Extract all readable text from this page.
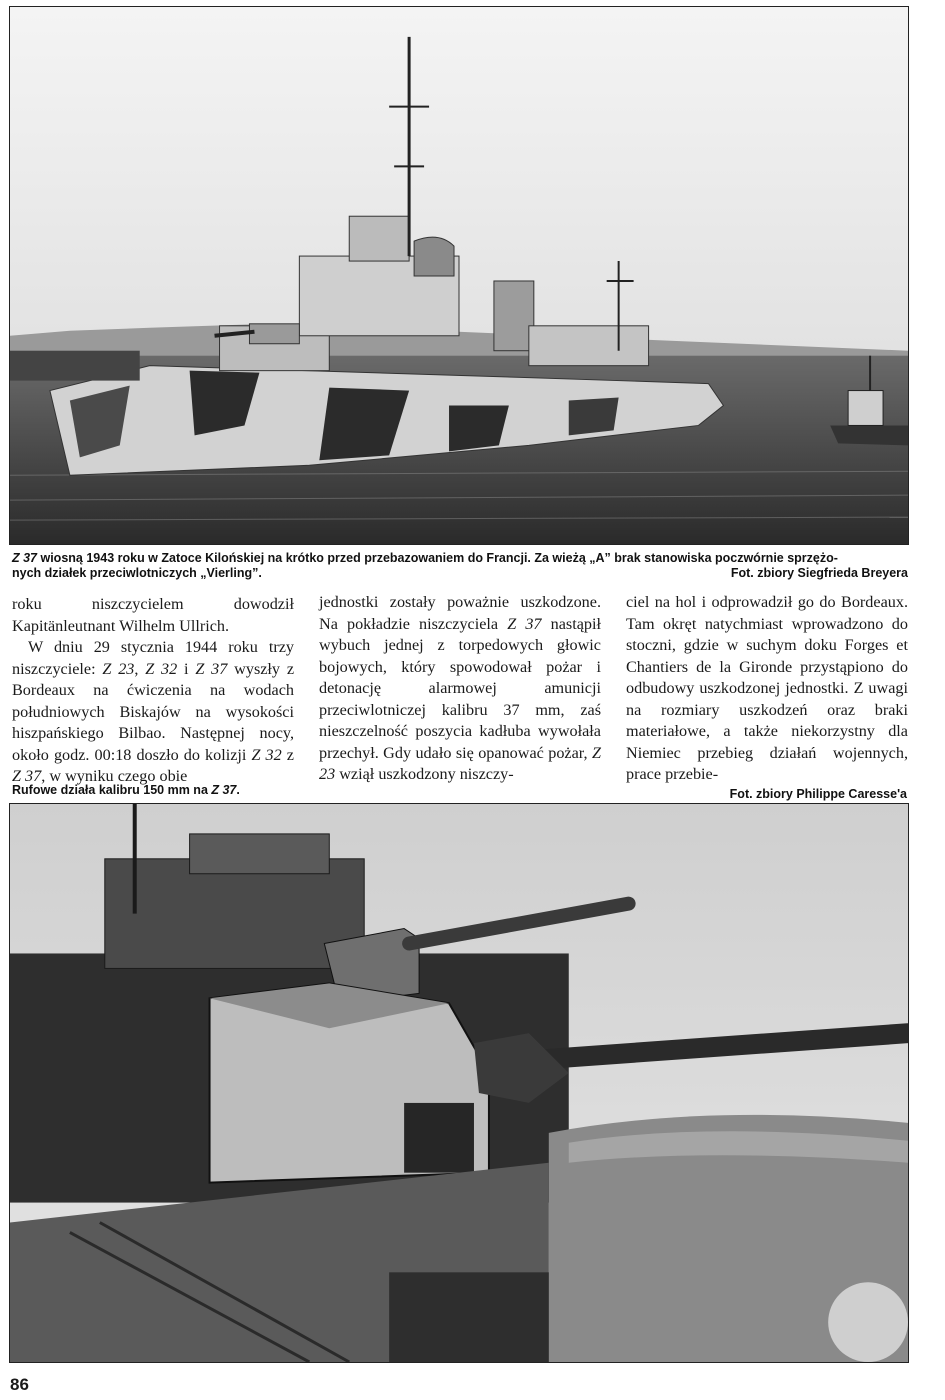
Z 37 wiosną 1943 roku w Zatoce Kilońskiej na krótko przed przebazowaniem do Francji. Za wieżą „A” brak stanowiska poczwórnie sprzężo-
nych działek przeciwlotniczych „Vierling”.	Fot. zbiory Siegfrieda Breyera

roku niszczycielem dowodził Kapitänleutnant Wilhelm Ullrich.

W dniu 29 stycznia 1944 roku trzy niszczyciele: Z 23, Z 32 i Z 37 wyszły z Bordeaux na ćwiczenia na wodach południowych Biskajów na wysokości hiszpańskiego Bilbao. Następnej nocy, około godz. 00:18 doszło do kolizji Z 32 z Z 37, w wyniku czego obie

jednostki zostały poważnie uszkodzone. Na pokładzie niszczyciela Z 37 nastąpił wybuch jednej z torpedowych głowic bojowych, który spowodował pożar i detonację alarmowej amunicji przeciwlotniczej kalibru 37 mm, zaś nieszczelność poszycia kadłuba wywołała przechył. Gdy udało się opanować pożar, Z 23 wziął uszkodzony niszczy-

ciel na hol i odprowadził go do Bordeaux. Tam okręt natychmiast wprowadzono do stoczni, gdzie w suchym doku Forges et Chantiers de la Gironde przystąpiono do odbudowy uszkodzonej jednostki. Z uwagi na rozmiary uszkodzeń oraz braki materiałowe, a także niekorzystny dla Niemiec przebieg działań wojennych, prace przebie-

Rufowe działa kalibru 150 mm na Z 37.	Fot. zbiory Philippe Caresse'a
86
